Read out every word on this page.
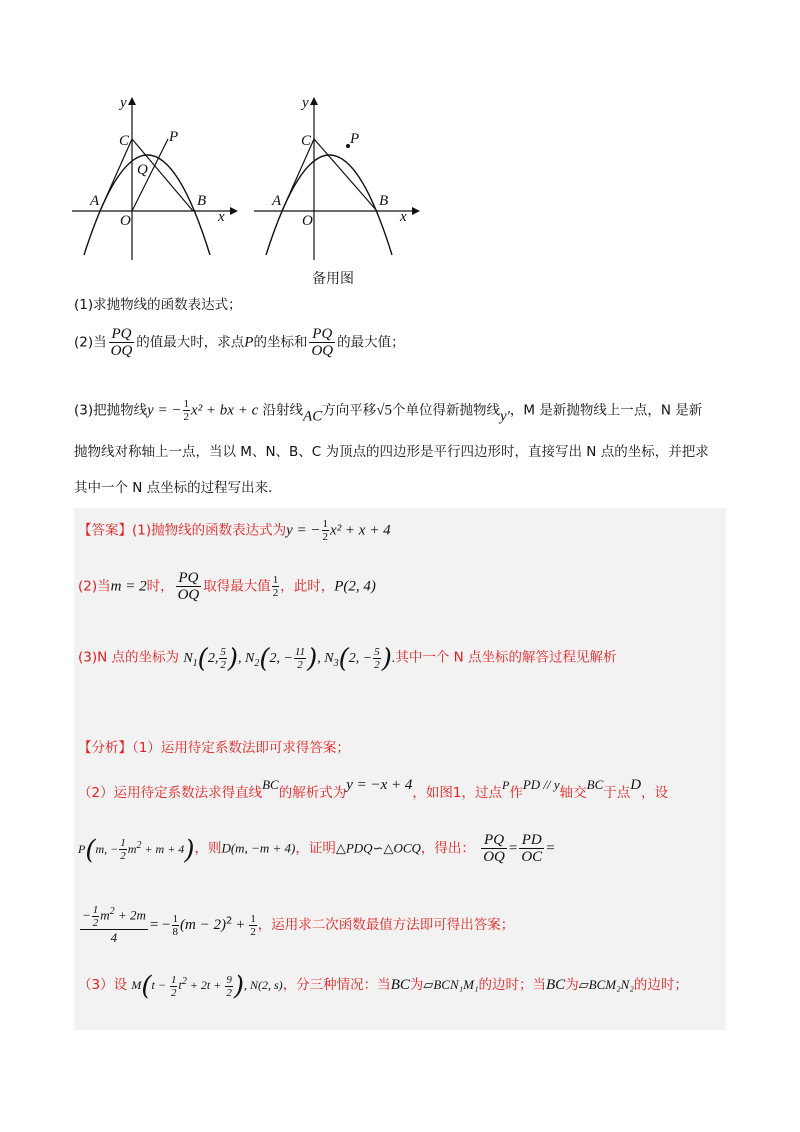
y
x
C	P
Q
A
O
B
y
x
C	P
A
O
B
备用图
(1)求抛物线的函数表达式；
(2)当 $\frac{PQ}{OQ}$ 的值最大时，求点P的坐标和 $\frac{PQ}{OQ}$ 的最大值；
(3)把抛物线y = − $\frac{1}{2} x^2$ + bx + c 沿射线AC方向平移√5个单位得新抛物线y′，M 是新抛物线上一点，N 是新
抛物线对称轴上一点，当以 M、N、B、C 为顶点的四边形是平行四边形时，直接写出 N 点的坐标，并把求
其中一个 N 点坐标的过程写出来．
【答案】(1)抛物线的函数表达式为y = − $\frac{1}{2} x^2 + x + 4$
(2)当m = 2时， $\frac{PQ}{OQ}$ 取得最大值 $\frac{1}{2}$ ，此时，P(2, 4)
(3)N 点的坐标为 $N_1(2$, $\frac{5}{2}$ ), $N_2(2$, − $\frac{11}{2}$ ), $N_3(2$, − $\frac{5}{2}$ ).其中一个 N 点坐标的解答过程见解析
【分析】（1）运用待定系数法即可求得答案；
（2）运用待定系数法求得直线BC的解析式为y = −x + 4，如图1，过点P作PD // y轴交BC于点D，设
P(m, − $\frac{1}{2} m^2 + m + 4$)，则D(m, −m + 4)，证明△PDQ∽△OCQ，得出： $\frac{PQ}{OQ} = \frac{PD}{OC}$ =
$\frac{- \frac{1}{2} m^2 + 2m}{4}$ = − $\frac{1}{8} (m - 2)^2 + \frac{1}{2}$ ，运用求二次函数最值方法即可得出答案；
（3）设 $M(t - \frac{1}{2} t^2 + 2t + \frac{9}{2}$ ), N(2, s)，分三种情况：当BC为▱BCN₁M₁的边时；当BC为▱BCM₂N₂的边时；
